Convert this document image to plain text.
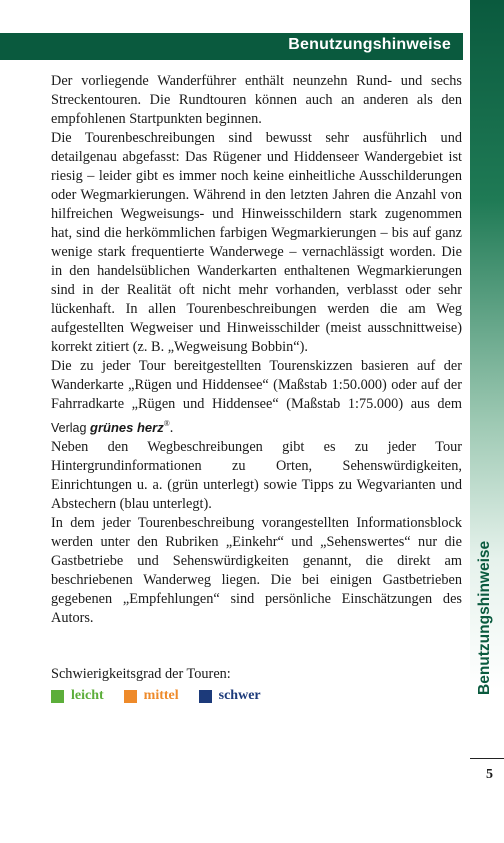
Benutzungshinweise
Benutzungshinweise

Der vorliegende Wanderführer enthält neunzehn Rund- und sechs Streckentouren. Die Rundtouren können auch an anderen als den empfohlenen Startpunkten beginnen.

Die Tourenbeschreibungen sind bewusst sehr ausführlich und detailgenau abgefasst: Das Rügener und Hiddenseer Wandergebiet ist riesig – leider gibt es immer noch keine einheitliche Ausschilderungen oder Wegmarkierungen. Während in den letzten Jahren die Anzahl von hilfreichen Wegweisungs- und Hinweisschildern stark zugenommen hat, sind die herkömmlichen farbigen Wegmarkierungen – bis auf ganz wenige stark frequentierte Wanderwege – vernachlässigt worden. Die in den handelsüblichen Wanderkarten enthaltenen Wegmarkierungen sind in der Realität oft nicht mehr vorhanden, verblasst oder sehr lückenhaft. In allen Tourenbeschreibungen werden die am Weg aufgestellten Wegweiser und Hinweisschilder (meist ausschnittweise) korrekt zitiert (z. B. „Wegweisung Bobbin“).

Die zu jeder Tour bereitgestellten Tourenskizzen basieren auf der Wanderkarte „Rügen und Hiddensee“ (Maßstab 1:50.000) oder auf der Fahrradkarte „Rügen und Hiddensee“ (Maßstab 1:75.000) aus dem Verlag grünes herz®.

Neben den Wegbeschreibungen gibt es zu jeder Tour Hintergrundinformationen zu Orten, Sehenswürdigkeiten, Einrichtungen u. a. (grün unterlegt) sowie Tipps zu Wegvarianten und Abstechern (blau unterlegt).

In dem jeder Tourenbeschreibung vorangestellten Informationsblock werden unter den Rubriken „Einkehr“ und „Sehenswertes“ nur die Gastbetriebe und Sehenswürdigkeiten genannt, die direkt am beschriebenen Wanderweg liegen. Die bei einigen Gastbetrieben gegebenen „Empfehlungen“ sind persönliche Einschätzungen des Autors.

Schwierigkeitsgrad der Touren:
leicht	mittel	schwer
5
